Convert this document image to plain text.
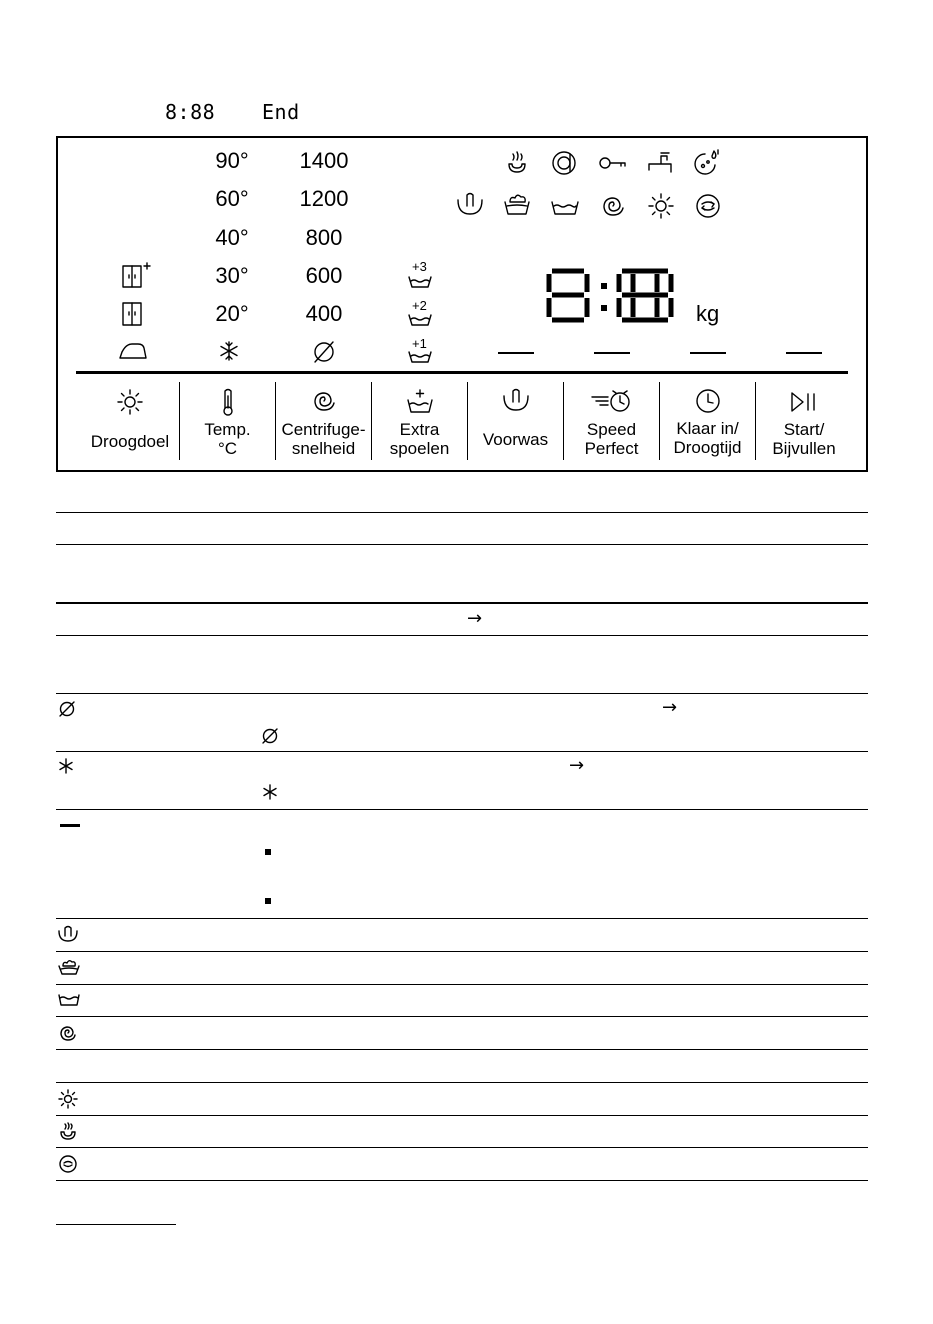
8:88 End
90°
60°
40°
30°
20°
1400
1200
800
600
400
+3
+2
+1
kg
Droogdoel
Temp.
°C
Centrifuge-
snelheid
Extra
spoelen	Voorwas
Speed
Perfect
Klaar in/
Droogtijd
Start/
Bijvullen
→
→
→
